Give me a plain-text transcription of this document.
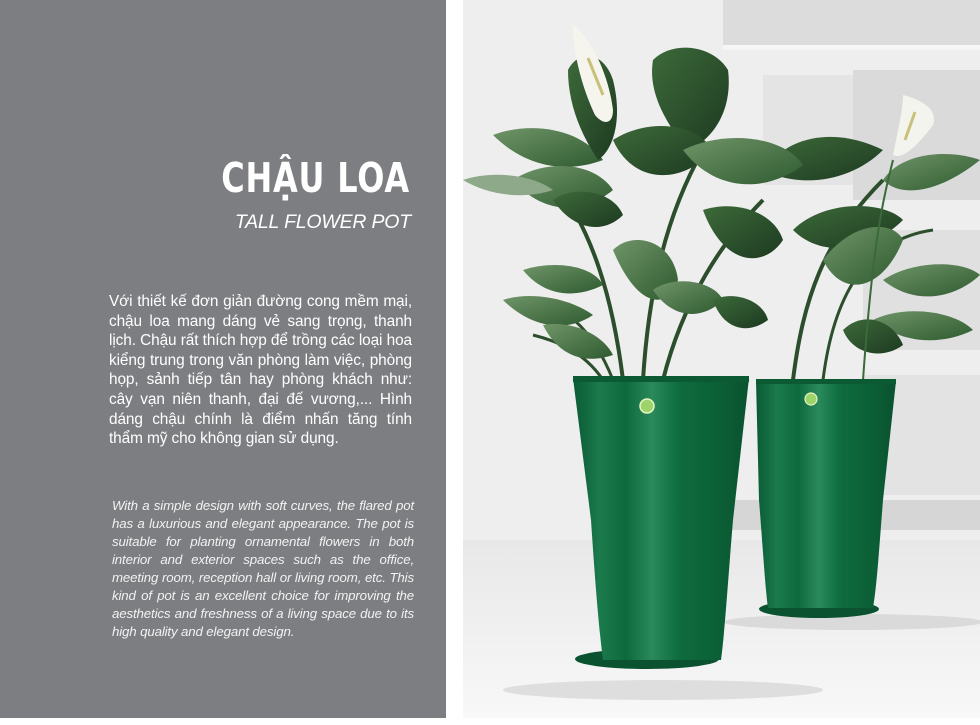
CHẬU LOA
TALL FLOWER POT

Với thiết kế đơn giản đường cong mềm mại, chậu loa mang dáng vẻ sang trọng, thanh lịch. Chậu rất thích hợp để trồng các loại hoa kiểng trung trong văn phòng làm việc, phòng họp, sảnh tiếp tân hay phòng khách như: cây vạn niên thanh, đại đế vương,... Hình dáng chậu chính là điểm nhấn tăng tính thẩm mỹ cho không gian sử dụng.

With a simple design with soft curves, the flared pot has a luxurious and elegant appearance. The pot is suitable for planting ornamental flowers in both interior and exterior spaces such as the office, meeting room, reception hall or living room, etc. This kind of pot is an excellent choice for improving the aesthetics and freshness of a living space due to its high quality and elegant design.
